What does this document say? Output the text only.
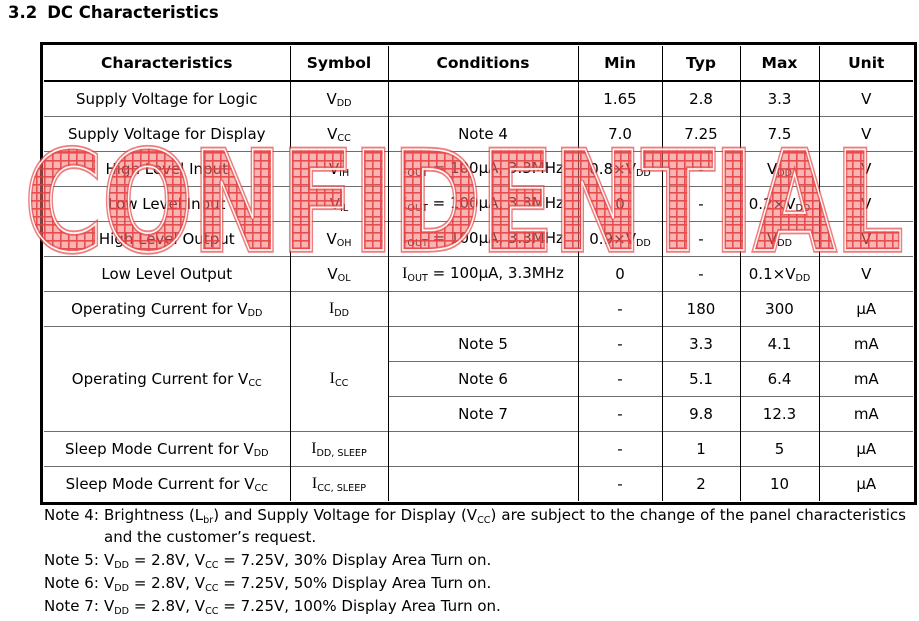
3.2 DC Characteristics
Characteristics	Symbol	Conditions	Min	Typ	Max	Unit
Supply Voltage for Logic	$V_{DD}$		1.65	2.8	3.3	V
Supply Voltage for Display	$V_{CC}$	Note 4	7.0	7.25	7.5	V
High Level Input	$V_{IH}$	$I_{OUT} = 100\mu A$, 3.3MHz	$0.8\times V_{DD}$	-	$V_{DD}$	V
Low Level Input	$V_{IL}$	$I_{OUT} = 100\mu A$, 3.3MHz	0	-	$0.2\times V_{DD}$	V
High Level Output	$V_{OH}$	$I_{OUT} = 100\mu A$, 3.3MHz	$0.9\times V_{DD}$	-	$V_{DD}$	V
Low Level Output	$V_{OL}$	$I_{OUT} = 100\mu A$, 3.3MHz	0	-	$0.1\times V_{DD}$	V
Operating Current for $V_{DD}$	$I_{DD}$		-	180	300	µA
Operating Current for $V_{CC}$	$I_{CC}$	Note 5	-	3.3	4.1	mA
		Note 6	-	5.1	6.4	mA
		Note 7	-	9.8	12.3	mA
Sleep Mode Current for $V_{DD}$	$I_{DD, SLEEP}$		-	1	5	µA
Sleep Mode Current for $V_{CC}$	$I_{CC, SLEEP}$		-	2	10	µA
CONFIDENTIAL
CONFIDENTIAL
Note 4: Brightness $(L_{br})$ and Supply Voltage for Display $(V_{CC})$ are subject to the change of the panel characteristics and the customer’s request.
Note 5: $V_{DD} = 2.8V$, $V_{CC} = 7.25V$, 30% Display Area Turn on.
Note 6: $V_{DD} = 2.8V$, $V_{CC} = 7.25V$, 50% Display Area Turn on.
Note 7: $V_{DD} = 2.8V$, $V_{CC} = 7.25V$, 100% Display Area Turn on.
